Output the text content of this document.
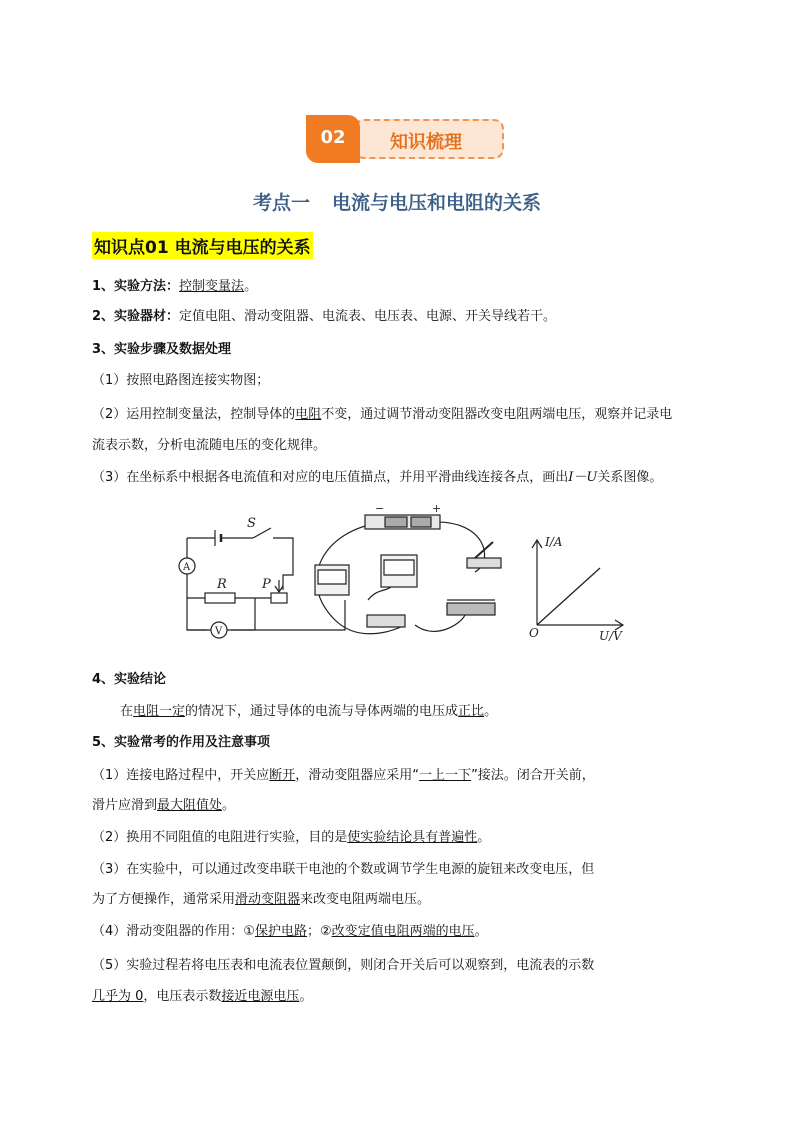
知识梳理
02
考点一 电流与电压和电阻的关系
知识点01 电流与电压的关系
1、实验方法：控制变量法。
2、实验器材：定值电阻、滑动变阻器、电流表、电压表、电源、开关导线若干。
3、实验步骤及数据处理
（1）按照电路图连接实物图；
（2）运用控制变量法，控制导体的电阻不变，通过调节滑动变阻器改变电阻两端电压，观察并记录电
流表示数，分析电流随电压的变化规律。
（3）在坐标系中根据各电流值和对应的电压值描点，并用平滑曲线连接各点，画出I－U关系图像。
S
R	P
A
V
−	+
I/A
U/V
O
4、实验结论
在电阻一定的情况下，通过导体的电流与导体两端的电压成正比。
5、实验常考的作用及注意事项
（1）连接电路过程中，开关应断开，滑动变阻器应采用“一上一下”接法。闭合开关前，
滑片应滑到最大阻值处。
（2）换用不同阻值的电阻进行实验，目的是使实验结论具有普遍性。
（3）在实验中，可以通过改变串联干电池的个数或调节学生电源的旋钮来改变电压，但
为了方便操作，通常采用滑动变阻器来改变电阻两端电压。
（4）滑动变阻器的作用：①保护电路；②改变定值电阻两端的电压。
（5）实验过程若将电压表和电流表位置颠倒，则闭合开关后可以观察到，电流表的示数
几乎为 0，电压表示数接近电源电压。
